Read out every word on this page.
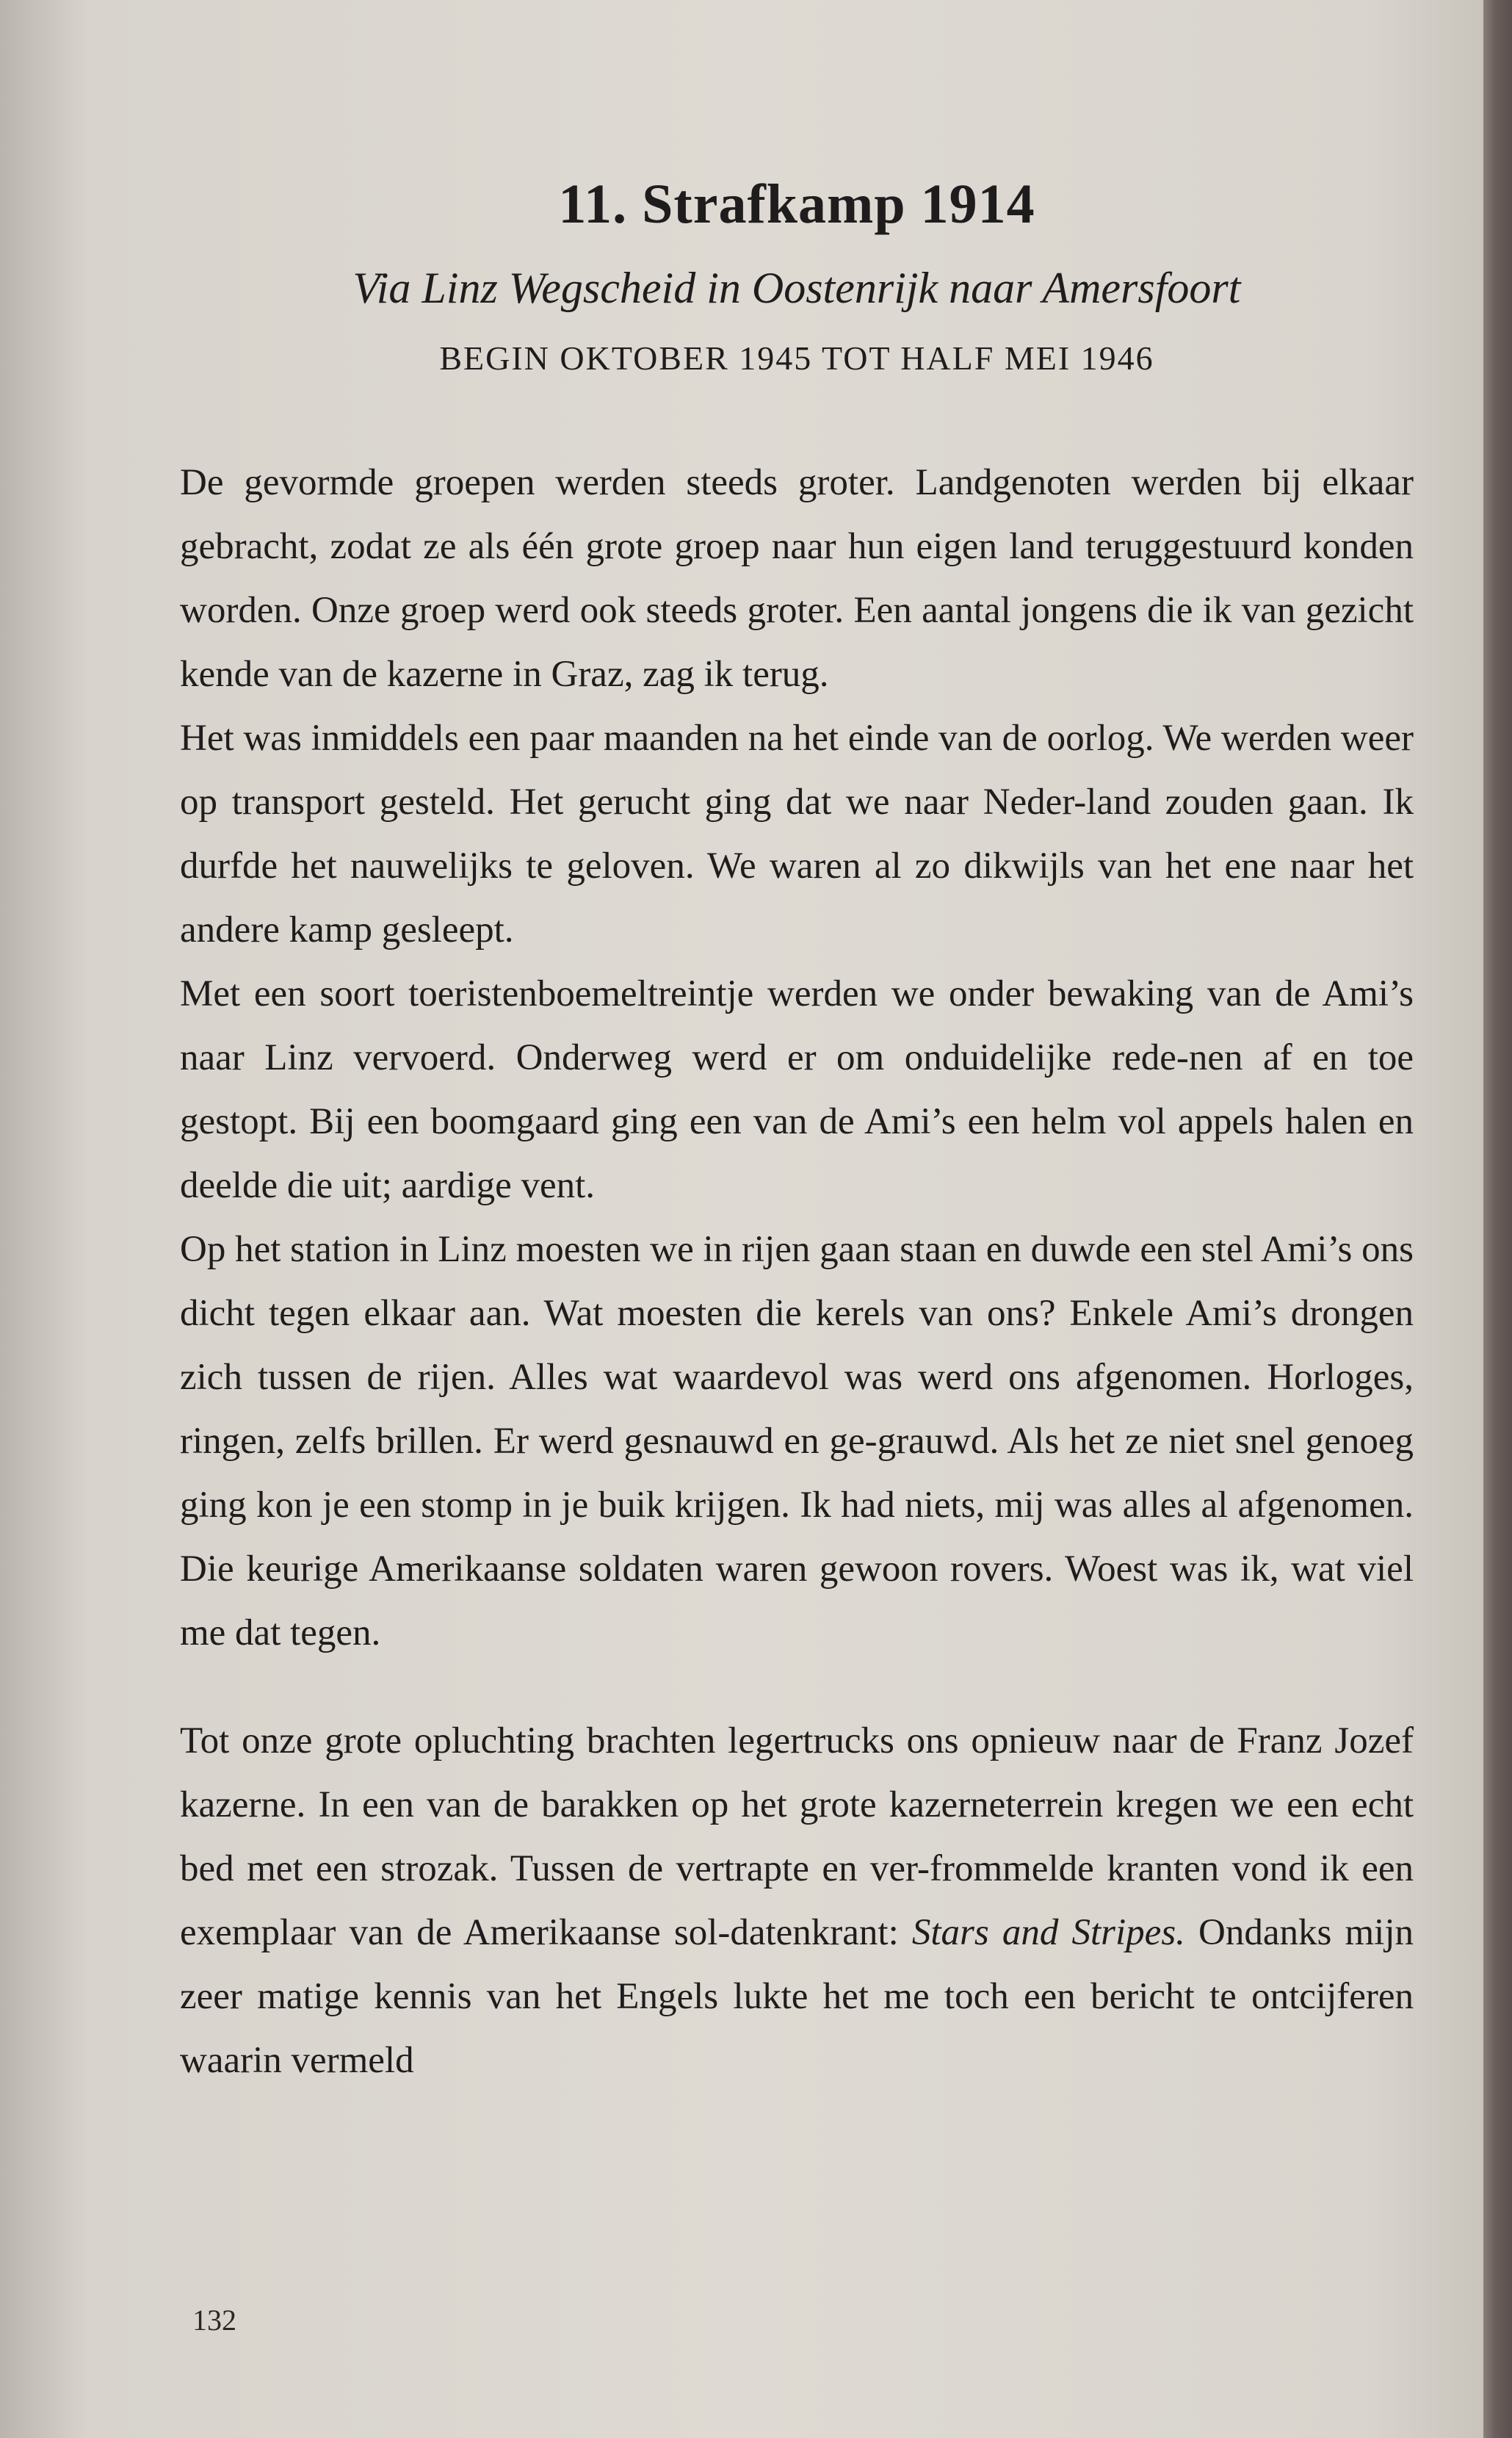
11. Strafkamp 1914
Via Linz Wegscheid in Oostenrijk naar Amersfoort
BEGIN OKTOBER 1945 TOT HALF MEI 1946

De gevormde groepen werden steeds groter. Landgenoten werden bij elkaar gebracht, zodat ze als één grote groep naar hun eigen land teruggestuurd konden worden. Onze groep werd ook steeds groter. Een aantal jongens die ik van gezicht kende van de kazerne in Graz, zag ik terug.

Het was inmiddels een paar maanden na het einde van de oorlog. We werden weer op transport gesteld. Het gerucht ging dat we naar Neder-land zouden gaan. Ik durfde het nauwelijks te geloven. We waren al zo dikwijls van het ene naar het andere kamp gesleept.

Met een soort toeristenboemeltreintje werden we onder bewaking van de Ami’s naar Linz vervoerd. Onderweg werd er om onduidelijke rede-nen af en toe gestopt. Bij een boomgaard ging een van de Ami’s een helm vol appels halen en deelde die uit; aardige vent.

Op het station in Linz moesten we in rijen gaan staan en duwde een stel Ami’s ons dicht tegen elkaar aan. Wat moesten die kerels van ons? Enkele Ami’s drongen zich tussen de rijen. Alles wat waardevol was werd ons afgenomen. Horloges, ringen, zelfs brillen. Er werd gesnauwd en ge-grauwd. Als het ze niet snel genoeg ging kon je een stomp in je buik krijgen. Ik had niets, mij was alles al afgenomen. Die keurige Amerikaanse soldaten waren gewoon rovers. Woest was ik, wat viel me dat tegen.

Tot onze grote opluchting brachten legertrucks ons opnieuw naar de Franz Jozef kazerne. In een van de barakken op het grote kazerneterrein kregen we een echt bed met een strozak. Tussen de vertrapte en ver-frommelde kranten vond ik een exemplaar van de Amerikaanse sol-datenkrant: Stars and Stripes. Ondanks mijn zeer matige kennis van het Engels lukte het me toch een bericht te ontcijferen waarin vermeld

132
